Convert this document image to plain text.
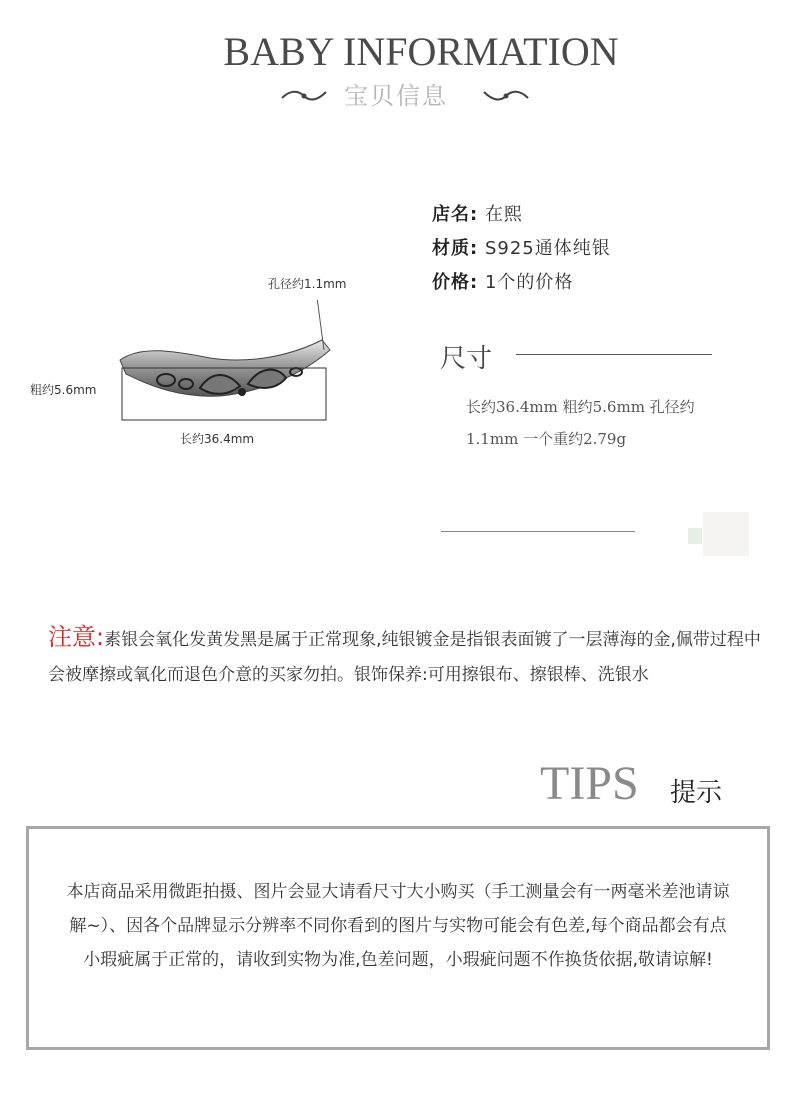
BABY INFORMATION
宝贝信息
店名: 在熙
材质: S925通体纯银
价格: 1个的价格
尺寸
长约36.4mm 粗约5.6mm 孔径约
1.1mm 一个重约2.79g
孔径约1.1mm
粗约5.6mm
长约36.4mm
注意:素银会氧化发黄发黑是属于正常现象,纯银镀金是指银表面镀了一层薄海的金,佩带过程中会被摩擦或氧化而退色介意的买家勿拍。银饰保养:可用擦银布、擦银棒、洗银水
TIPS 提示
本店商品采用微距拍摄、图片会显大请看尺寸大小购买（手工测量会有一两毫米差池请谅解~）、因各个品牌显示分辨率不同你看到的图片与实物可能会有色差,每个商品都会有点小瑕疵属于正常的，请收到实物为准,色差问题，小瑕疵问题不作换货依据,敬请谅解!
